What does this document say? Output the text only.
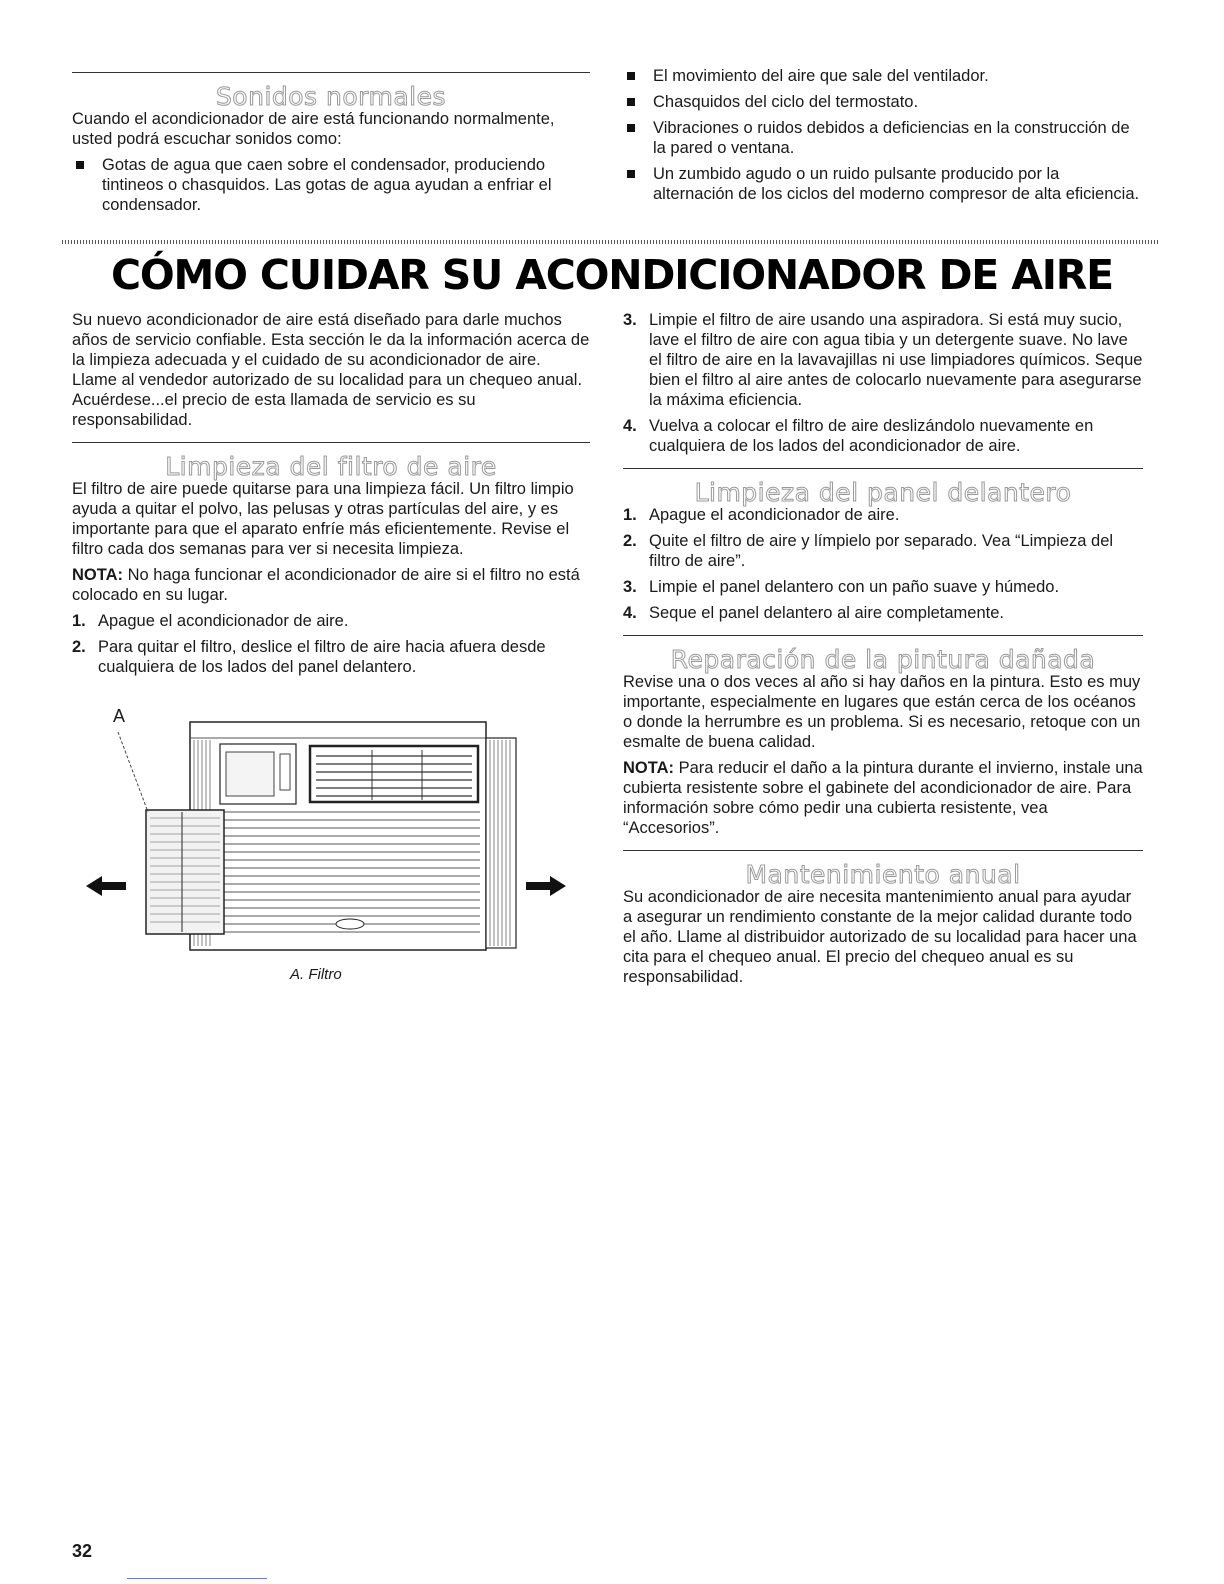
Sonidos normales

Cuando el acondicionador de aire está funcionando normalmente, usted podrá escuchar sonidos como:

Gotas de agua que caen sobre el condensador, produciendo tintineos o chasquidos. Las gotas de agua ayudan a enfriar el condensador.
El movimiento del aire que sale del ventilador.
Chasquidos del ciclo del termostato.
Vibraciones o ruidos debidos a deficiencias en la construcción de la pared o ventana.
Un zumbido agudo o un ruido pulsante producido por la alternación de los ciclos del moderno compresor de alta eficiencia.
CÓMO CUIDAR SU ACONDICIONADOR DE AIRE

Su nuevo acondicionador de aire está diseñado para darle muchos años de servicio confiable. Esta sección le da la información acerca de la limpieza adecuada y el cuidado de su acondicionador de aire. Llame al vendedor autorizado de su localidad para un chequeo anual. Acuérdese...el precio de esta llamada de servicio es su responsabilidad.

Limpieza del filtro de aire

El filtro de aire puede quitarse para una limpieza fácil. Un filtro limpio ayuda a quitar el polvo, las pelusas y otras partículas del aire, y es importante para que el aparato enfríe más eficientemente. Revise el filtro cada dos semanas para ver si necesita limpieza.

NOTA: No haga funcionar el acondicionador de aire si el filtro no está colocado en su lugar.

1. Apague el acondicionador de aire.
2. Para quitar el filtro, deslice el filtro de aire hacia afuera desde cualquiera de los lados del panel delantero.
A
A. Filtro
3. Limpie el filtro de aire usando una aspiradora. Si está muy sucio, lave el filtro de aire con agua tibia y un detergente suave. No lave el filtro de aire en la lavavajillas ni use limpiadores químicos. Seque bien el filtro al aire antes de colocarlo nuevamente para asegurarse la máxima eficiencia.
4. Vuelva a colocar el filtro de aire deslizándolo nuevamente en cualquiera de los lados del acondicionador de aire.
Limpieza del panel delantero
1. Apague el acondicionador de aire.
2. Quite el filtro de aire y límpielo por separado. Vea “Limpieza del filtro de aire”.
3. Limpie el panel delantero con un paño suave y húmedo.
4. Seque el panel delantero al aire completamente.
Reparación de la pintura dañada

Revise una o dos veces al año si hay daños en la pintura. Esto es muy importante, especialmente en lugares que están cerca de los océanos o donde la herrumbre es un problema. Si es necesario, retoque con un esmalte de buena calidad.

NOTA: Para reducir el daño a la pintura durante el invierno, instale una cubierta resistente sobre el gabinete del acondicionador de aire. Para información sobre cómo pedir una cubierta resistente, vea “Accesorios”.

Mantenimiento anual

Su acondicionador de aire necesita mantenimiento anual para ayudar a asegurar un rendimiento constante de la mejor calidad durante todo el año. Llame al distribuidor autorizado de su localidad para hacer una cita para el chequeo anual. El precio del chequeo anual es su responsabilidad.

32
